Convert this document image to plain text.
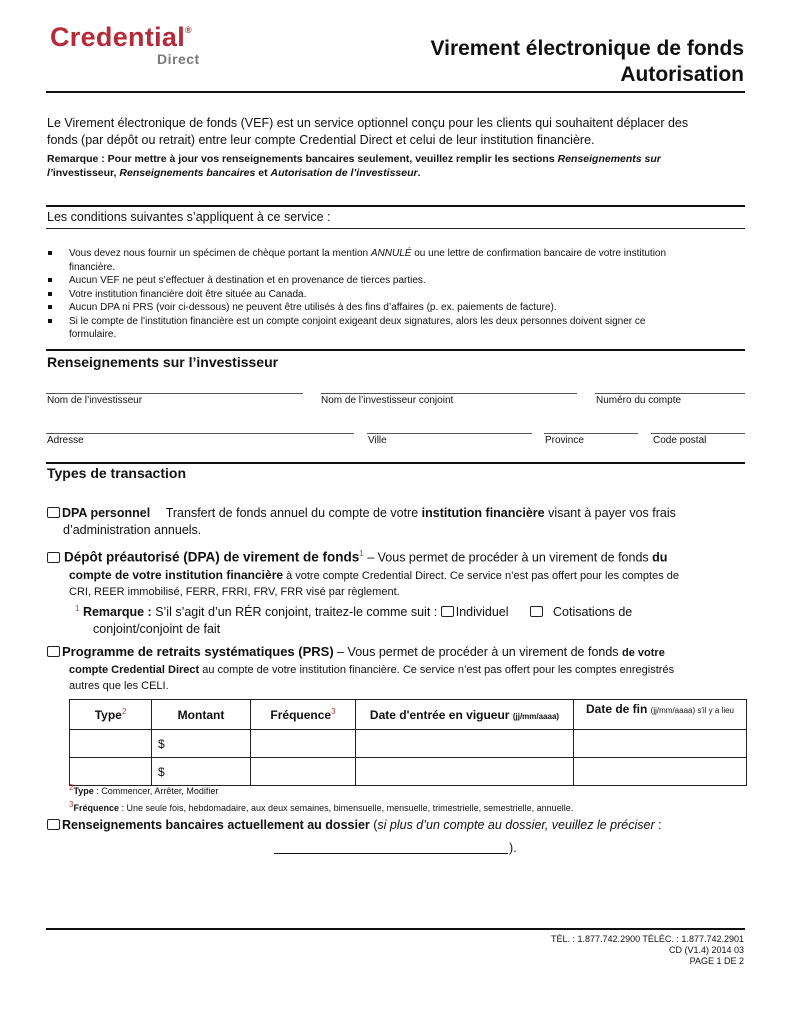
Credential®
Direct	Virement électronique de fonds
Autorisation
Le Virement électronique de fonds (VEF) est un service optionnel conçu pour les clients qui souhaitent déplacer des
fonds (par dépôt ou retrait) entre leur compte Credential Direct et celui de leur institution financière.
Remarque : Pour mettre à jour vos renseignements bancaires seulement, veuillez remplir les sections Renseignements sur
l’investisseur, Renseignements bancaires et Autorisation de l’investisseur.
Les conditions suivantes s’appliquent à ce service :
Vous devez nous fournir un spécimen de chèque portant la mention ANNULÉ ou une lettre de confirmation bancaire de votre institution
financière.
Aucun VEF ne peut s’effectuer à destination et en provenance de tierces parties.
Votre institution financière doit être située au Canada.
Aucun DPA ni PRS (voir ci-dessous) ne peuvent être utilisés à des fins d’affaires (p. ex. paiements de facture).
Si le compte de l’institution financière est un compte conjoint exigeant deux signatures, alors les deux personnes doivent signer ce
formulaire.
Renseignements sur l’investisseur
Nom de l’investisseur	Nom de l’investisseur conjoint	Numéro du compte
Adresse	Ville	Province	Code postal
Types de transaction
DPA personnel Transfert de fonds annuel du compte de votre institution financière visant à payer vos frais
d’administration annuels.
Dépôt préautorisé (DPA) de virement de fonds$^1$ – Vous permet de procéder à un virement de fonds du
compte de votre institution financière à votre compte Credential Direct. Ce service n’est pas offert pour les comptes de
CRI, REER immobilisé, FERR, FRRI, FRV, FRR visé par règlement.
$^1$ Remarque : S’il s’agit d’un RÉR conjoint, traitez-le comme suit : Individuel	Cotisations de
conjoint/conjoint de fait
Programme de retraits systématiques (PRS) – Vous permet de procéder à un virement de fonds de votre
compte Credential Direct au compte de votre institution financière. Ce service n’est pas offert pour les comptes enregistrés
autres que les CELI.
Type$^2$	Montant	Fréquence$^3$	Date d'entrée en vigueur (jj/mm/aaaa)	Date de fin (jj/mm/aaaa) s'il y a lieu
	$			
	$			
2Type : Commencer, Arrêter, Modifier
3Fréquence : Une seule fois, hebdomadaire, aux deux semaines, bimensuelle, mensuelle, trimestrielle, semestrielle, annuelle.
Renseignements bancaires actuellement au dossier (si plus d’un compte au dossier, veuillez le préciser :
).
TÉL. : 1.877.742.2900 TÉLÉC. : 1.877.742.2901
CD (V1.4) 2014 03
PAGE 1 DE 2
